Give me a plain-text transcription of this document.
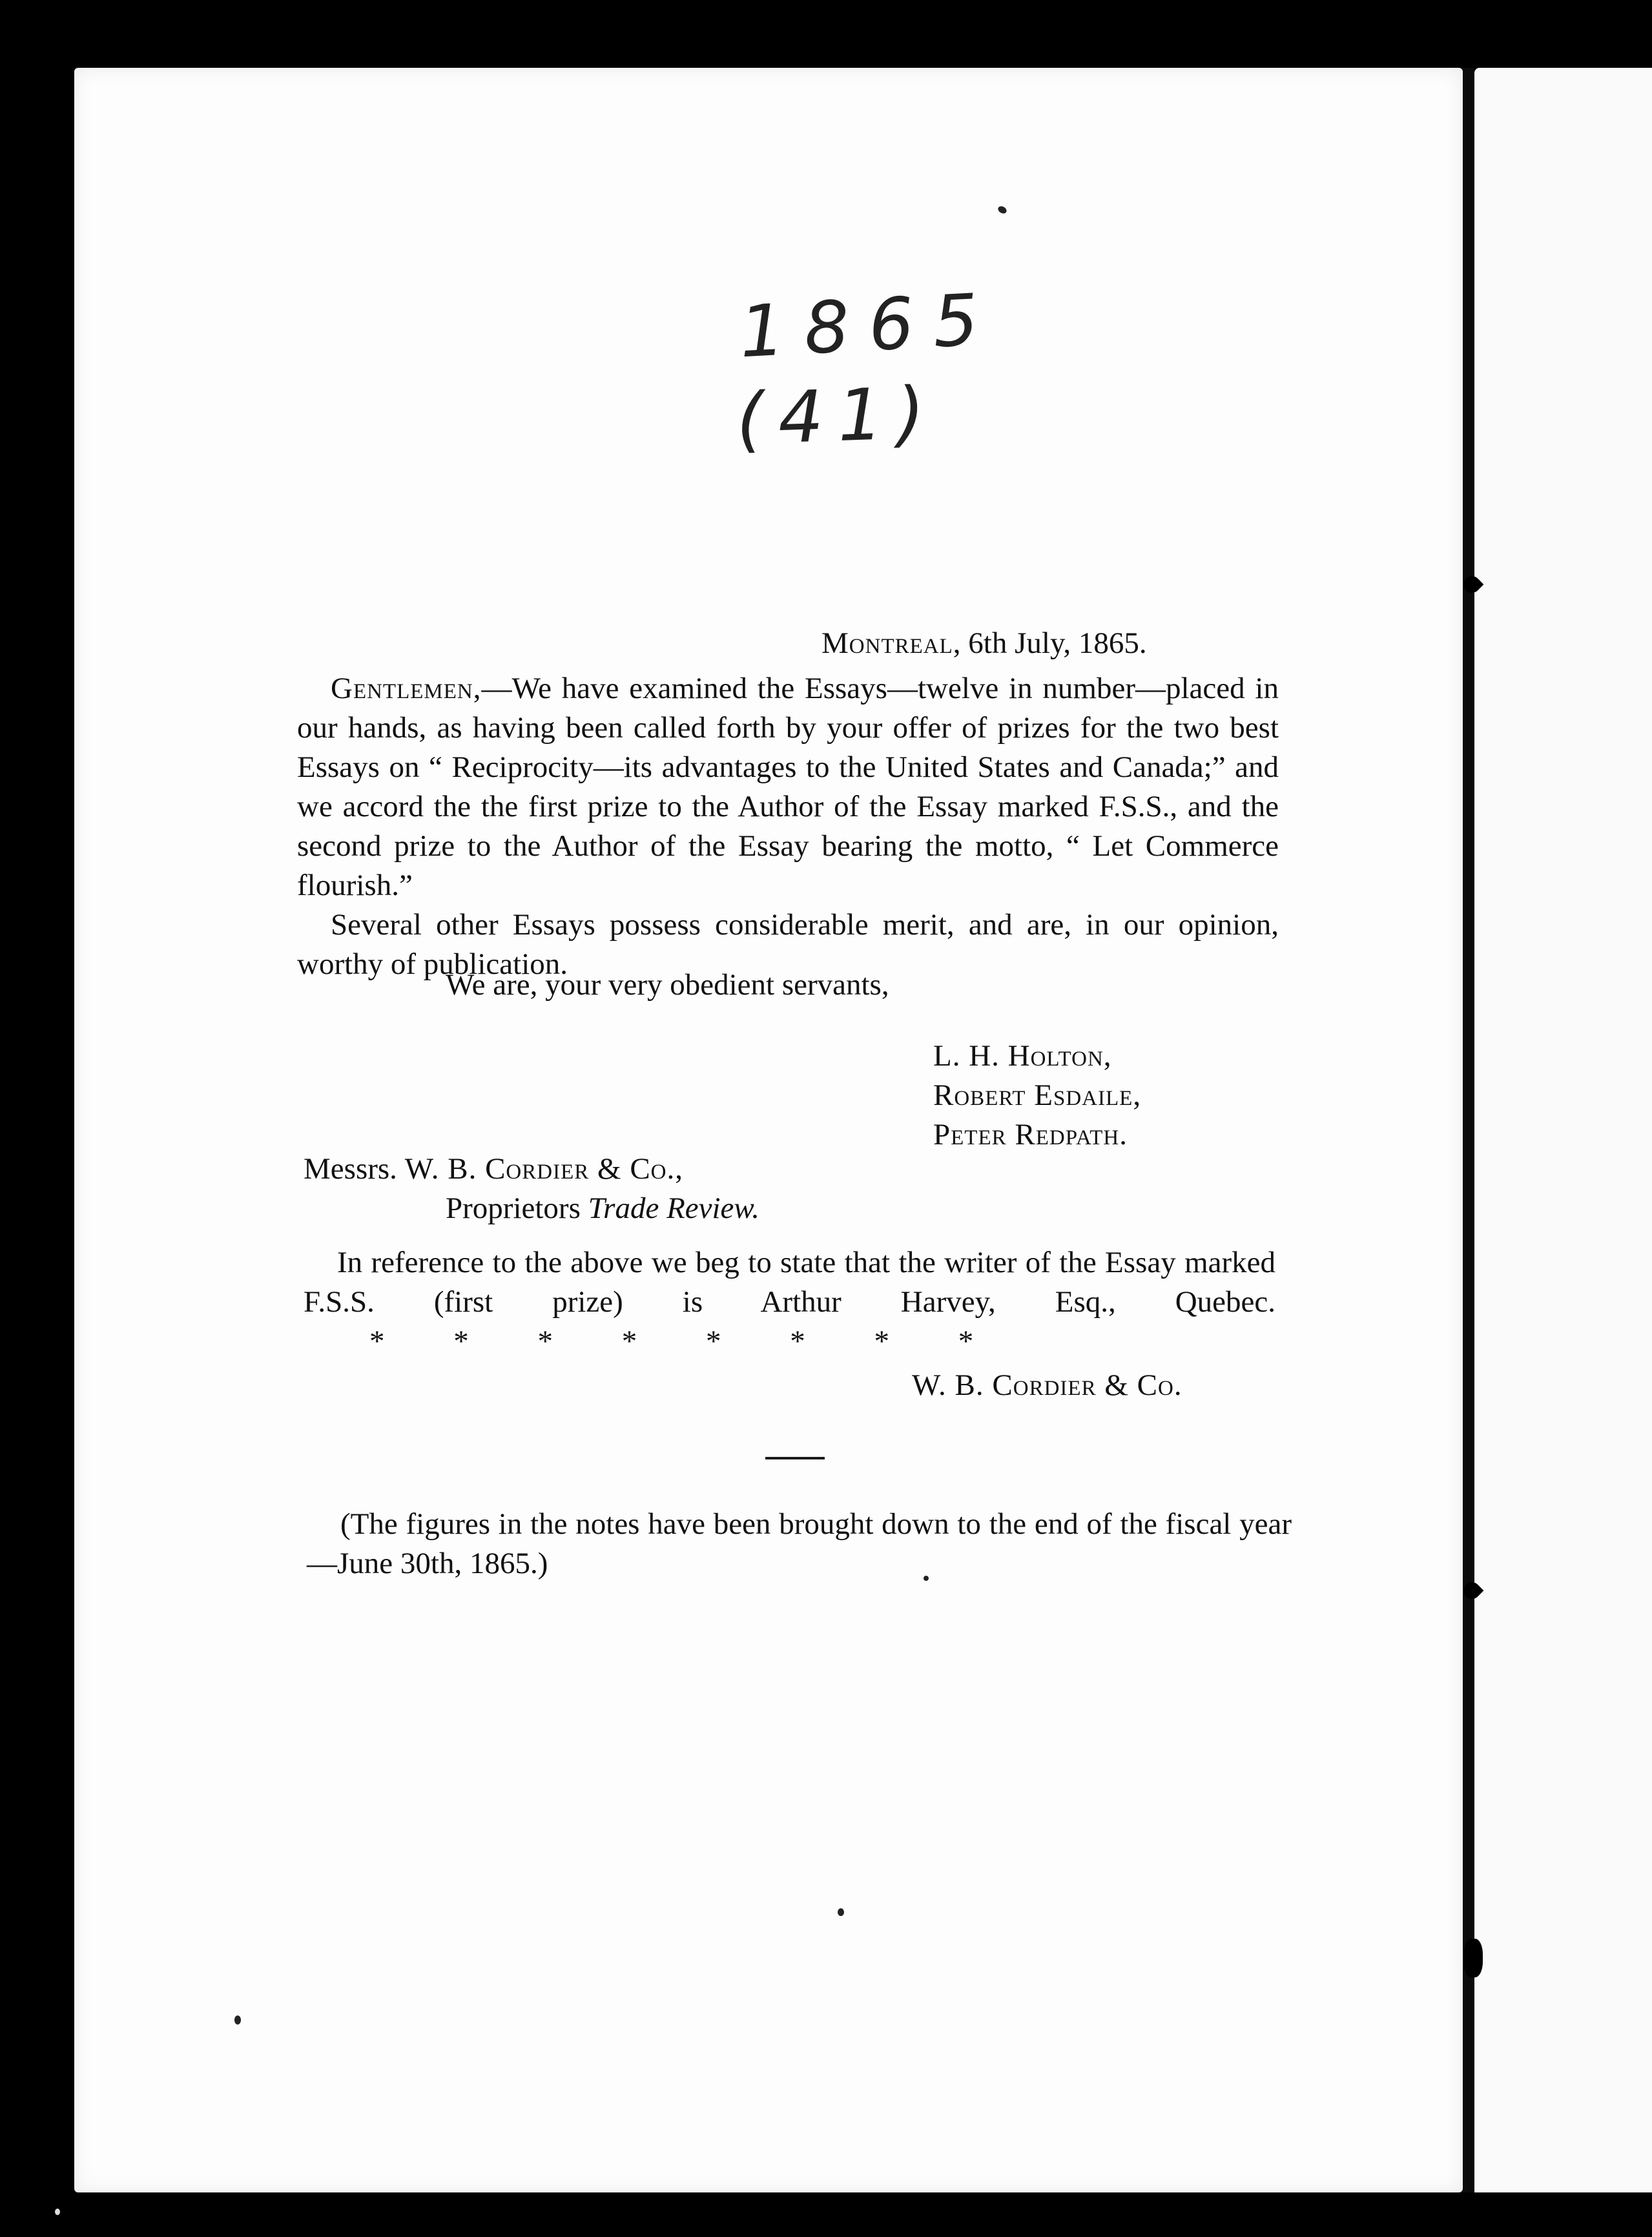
1865
(41)
Montreal, 6th July, 1865.

Gentlemen,—We have examined the Essays—twelve in number—placed in our hands, as having been called forth by your offer of prizes for the two best Essays on “ Reciprocity—its advantages to the United States and Canada;” and we accord the the first prize to the Author of the Essay marked F.S.S., and the second prize to the Author of the Essay bearing the motto, “ Let Commerce flourish.”

Several other Essays possess considerable merit, and are, in our opinion, worthy of publication.

We are, your very obedient servants,
L. H. Holton,
Robert Esdaile,
Peter Redpath.
Messrs. W. B. Cordier & Co.,
Proprietors Trade Review.

In reference to the above we beg to state that the writer of the Essay marked F.S.S. (first prize) is Arthur Harvey, Esq., Quebec.* * * * * * * *

W. B. Cordier & Co.

(The figures in the notes have been brought down to the end of the fiscal year—June 30th, 1865.)
